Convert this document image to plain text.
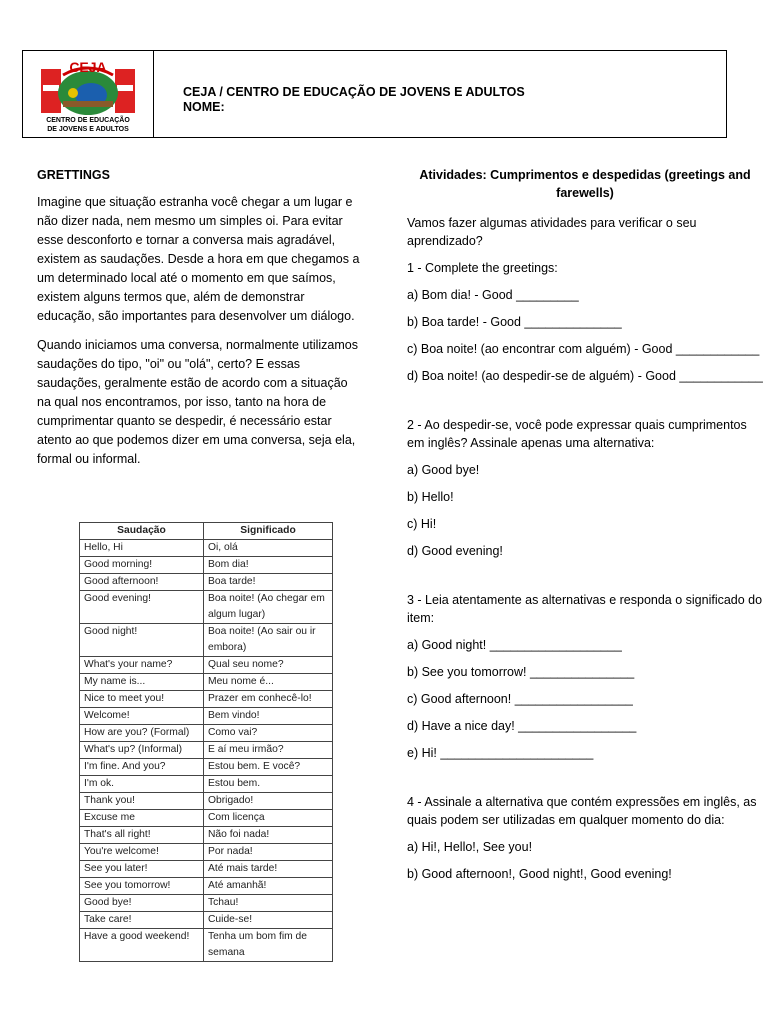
CEJA
CENTRO DE EDUCAÇÃO
DE JOVENS E ADULTOS
CEJA / CENTRO DE EDUCAÇÃO DE JOVENS E ADULTOS
NOME:
GRETTINGS

Imagine que situação estranha você chegar a um lugar e não dizer nada, nem mesmo um simples oi. Para evitar esse desconforto e tornar a conversa mais agradável, existem as saudações. Desde a hora em que chegamos a um determinado local até o momento em que saímos, existem alguns termos que, além de demonstrar educação, são importantes para desenvolver um diálogo.

Quando iniciamos uma conversa, normalmente utilizamos saudações do tipo, "oi" ou "olá", certo? E essas saudações, geralmente estão de acordo com a situação na qual nos encontramos, por isso, tanto na hora de cumprimentar quanto se despedir, é necessário estar atento ao que podemos dizer em uma conversa, seja ela, formal ou informal.

Saudação	Significado
Hello, Hi	Oi, olá
Good morning!	Bom dia!
Good afternoon!	Boa tarde!
Good evening!	Boa noite! (Ao chegar em algum lugar)
Good night!	Boa noite! (Ao sair ou ir embora)
What's your name?	Qual seu nome?
My name is...	Meu nome é...
Nice to meet you!	Prazer em conhecê-lo!
Welcome!	Bem vindo!
How are you? (Formal)	Como vai?
What's up? (Informal)	E aí meu irmão?
I'm fine. And you?	Estou bem. E você?
I'm ok.	Estou bem.
Thank you!	Obrigado!
Excuse me	Com licença
That's all right!	Não foi nada!
You're welcome!	Por nada!
See you later!	Até mais tarde!
See you tomorrow!	Até amanhã!
Good bye!	Tchau!
Take care!	Cuide-se!
Have a good weekend!	Tenha um bom fim de semana
Atividades: Cumprimentos e despedidas (greetings and farewells)
Vamos fazer algumas atividades para verificar o seu aprendizado?
1 - Complete the greetings:
a) Bom dia! - Good _________
b) Boa tarde! - Good ______________
c) Boa noite! (ao encontrar com alguém) - Good ____________
d) Boa noite! (ao despedir-se de alguém) - Good ____________
2 - Ao despedir-se, você pode expressar quais cumprimentos em inglês? Assinale apenas uma alternativa:
a) Good bye!
b) Hello!
c) Hi!
d) Good evening!
3 - Leia atentamente as alternativas e responda o significado do item:
a) Good night! ___________________
b) See you tomorrow! _______________
c) Good afternoon! _________________
d) Have a nice day! _________________
e) Hi! ______________________
4 - Assinale a alternativa que contém expressões em inglês, as quais podem ser utilizadas em qualquer momento do dia:
a) Hi!, Hello!, See you!
b) Good afternoon!, Good night!, Good evening!
